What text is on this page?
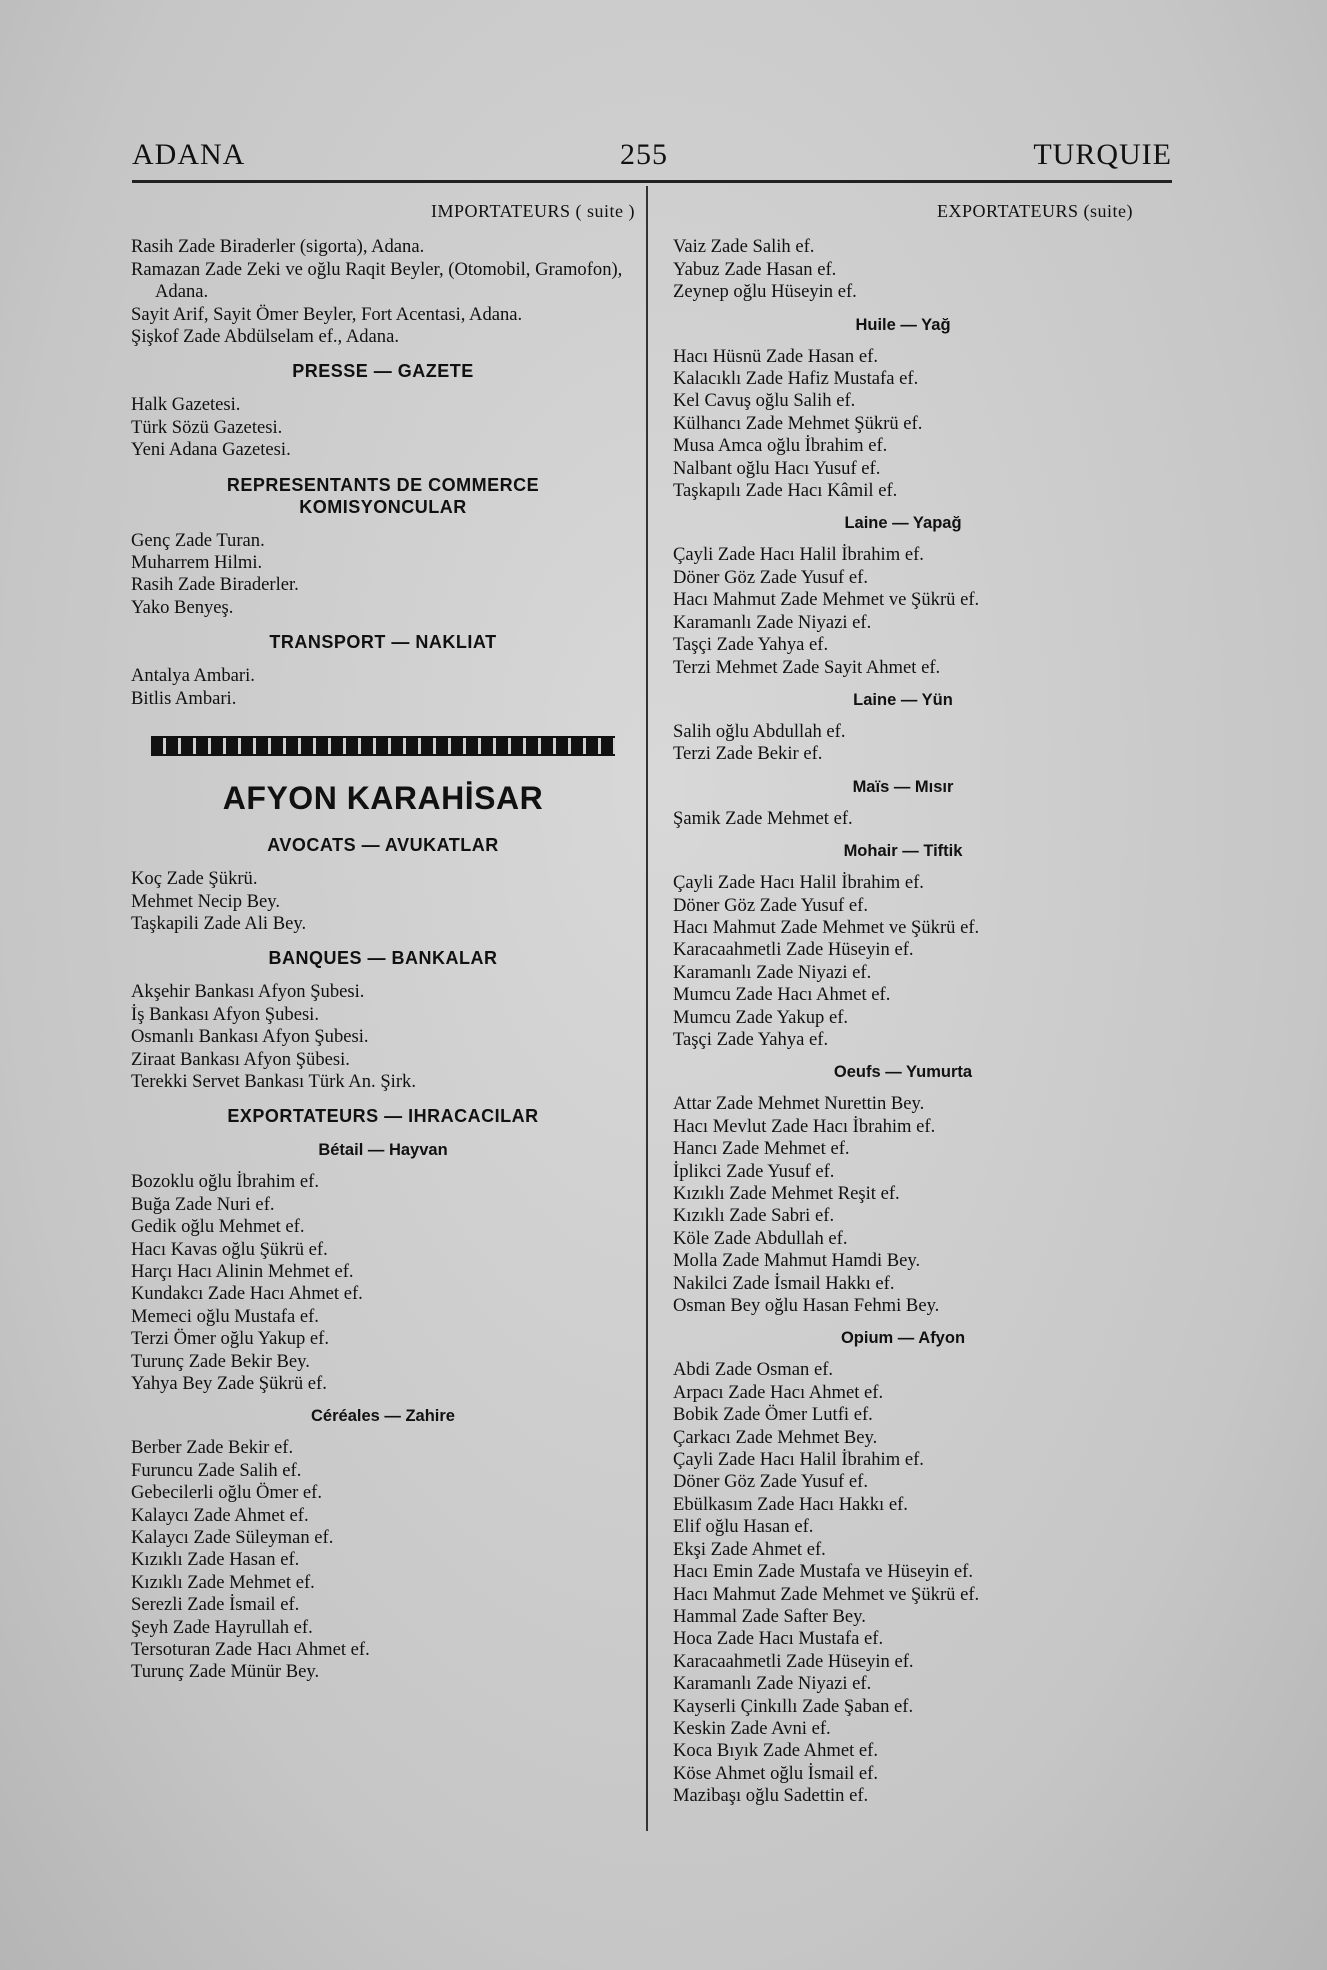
ADANA	255	TURQUIE

IMPORTATEURS ( suite )

Rasih Zade Biraderler (sigorta), Adana.

Ramazan Zade Zeki ve oğlu Raqit Beyler, (Otomobil, Gramofon), Adana.

Sayit Arif, Sayit Ömer Beyler, Fort Acentasi, Adana.

Şişkof Zade Abdülselam ef., Adana.

PRESSE — GAZETE

Halk Gazetesi.

Türk Sözü Gazetesi.

Yeni Adana Gazetesi.

REPRESENTANTS DE COMMERCE

KOMISYONCULAR

Genç Zade Turan.

Muharrem Hilmi.

Rasih Zade Biraderler.

Yako Benyeş.

TRANSPORT — NAKLIAT

Antalya Ambari.

Bitlis Ambari.

AFYON KARAHİSAR

AVOCATS — AVUKATLAR

Koç Zade Şükrü.

Mehmet Necip Bey.

Taşkapili Zade Ali Bey.

BANQUES — BANKALAR

Akşehir Bankası Afyon Şubesi.

İş Bankası Afyon Şubesi.

Osmanlı Bankası Afyon Şubesi.

Ziraat Bankası Afyon Şübesi.

Terekki Servet Bankası Türk An. Şirk.

EXPORTATEURS — IHRACACILAR

Bétail — Hayvan

Bozoklu oğlu İbrahim ef.

Buğa Zade Nuri ef.

Gedik oğlu Mehmet ef.

Hacı Kavas oğlu Şükrü ef.

Harçı Hacı Alinin Mehmet ef.

Kundakcı Zade Hacı Ahmet ef.

Memeci oğlu Mustafa ef.

Terzi Ömer oğlu Yakup ef.

Turunç Zade Bekir Bey.

Yahya Bey Zade Şükrü ef.

Céréales — Zahire

Berber Zade Bekir ef.

Furuncu Zade Salih ef.

Gebecilerli oğlu Ömer ef.

Kalaycı Zade Ahmet ef.

Kalaycı Zade Süleyman ef.

Kızıklı Zade Hasan ef.

Kızıklı Zade Mehmet ef.

Serezli Zade İsmail ef.

Şeyh Zade Hayrullah ef.

Tersoturan Zade Hacı Ahmet ef.

Turunç Zade Münür Bey.

EXPORTATEURS (suite)

Vaiz Zade Salih ef.

Yabuz Zade Hasan ef.

Zeynep oğlu Hüseyin ef.

Huile — Yağ

Hacı Hüsnü Zade Hasan ef.

Kalacıklı Zade Hafiz Mustafa ef.

Kel Cavuş oğlu Salih ef.

Külhancı Zade Mehmet Şükrü ef.

Musa Amca oğlu İbrahim ef.

Nalbant oğlu Hacı Yusuf ef.

Taşkapılı Zade Hacı Kâmil ef.

Laine — Yapağ

Çayli Zade Hacı Halil İbrahim ef.

Döner Göz Zade Yusuf ef.

Hacı Mahmut Zade Mehmet ve Şükrü ef.

Karamanlı Zade Niyazi ef.

Taşçi Zade Yahya ef.

Terzi Mehmet Zade Sayit Ahmet ef.

Laine — Yün

Salih oğlu Abdullah ef.

Terzi Zade Bekir ef.

Maïs — Mısır

Şamik Zade Mehmet ef.

Mohair — Tiftik

Çayli Zade Hacı Halil İbrahim ef.

Döner Göz Zade Yusuf ef.

Hacı Mahmut Zade Mehmet ve Şükrü ef.

Karacaahmetli Zade Hüseyin ef.

Karamanlı Zade Niyazi ef.

Mumcu Zade Hacı Ahmet ef.

Mumcu Zade Yakup ef.

Taşçi Zade Yahya ef.

Oeufs — Yumurta

Attar Zade Mehmet Nurettin Bey.

Hacı Mevlut Zade Hacı İbrahim ef.

Hancı Zade Mehmet ef.

İplikci Zade Yusuf ef.

Kızıklı Zade Mehmet Reşit ef.

Kızıklı Zade Sabri ef.

Köle Zade Abdullah ef.

Molla Zade Mahmut Hamdi Bey.

Nakilci Zade İsmail Hakkı ef.

Osman Bey oğlu Hasan Fehmi Bey.

Opium — Afyon

Abdi Zade Osman ef.

Arpacı Zade Hacı Ahmet ef.

Bobik Zade Ömer Lutfi ef.

Çarkacı Zade Mehmet Bey.

Çayli Zade Hacı Halil İbrahim ef.

Döner Göz Zade Yusuf ef.

Ebülkasım Zade Hacı Hakkı ef.

Elif oğlu Hasan ef.

Ekşi Zade Ahmet ef.

Hacı Emin Zade Mustafa ve Hüseyin ef.

Hacı Mahmut Zade Mehmet ve Şükrü ef.

Hammal Zade Safter Bey.

Hoca Zade Hacı Mustafa ef.

Karacaahmetli Zade Hüseyin ef.

Karamanlı Zade Niyazi ef.

Kayserli Çinkıllı Zade Şaban ef.

Keskin Zade Avni ef.

Koca Bıyık Zade Ahmet ef.

Köse Ahmet oğlu İsmail ef.

Mazibaşı oğlu Sadettin ef.
